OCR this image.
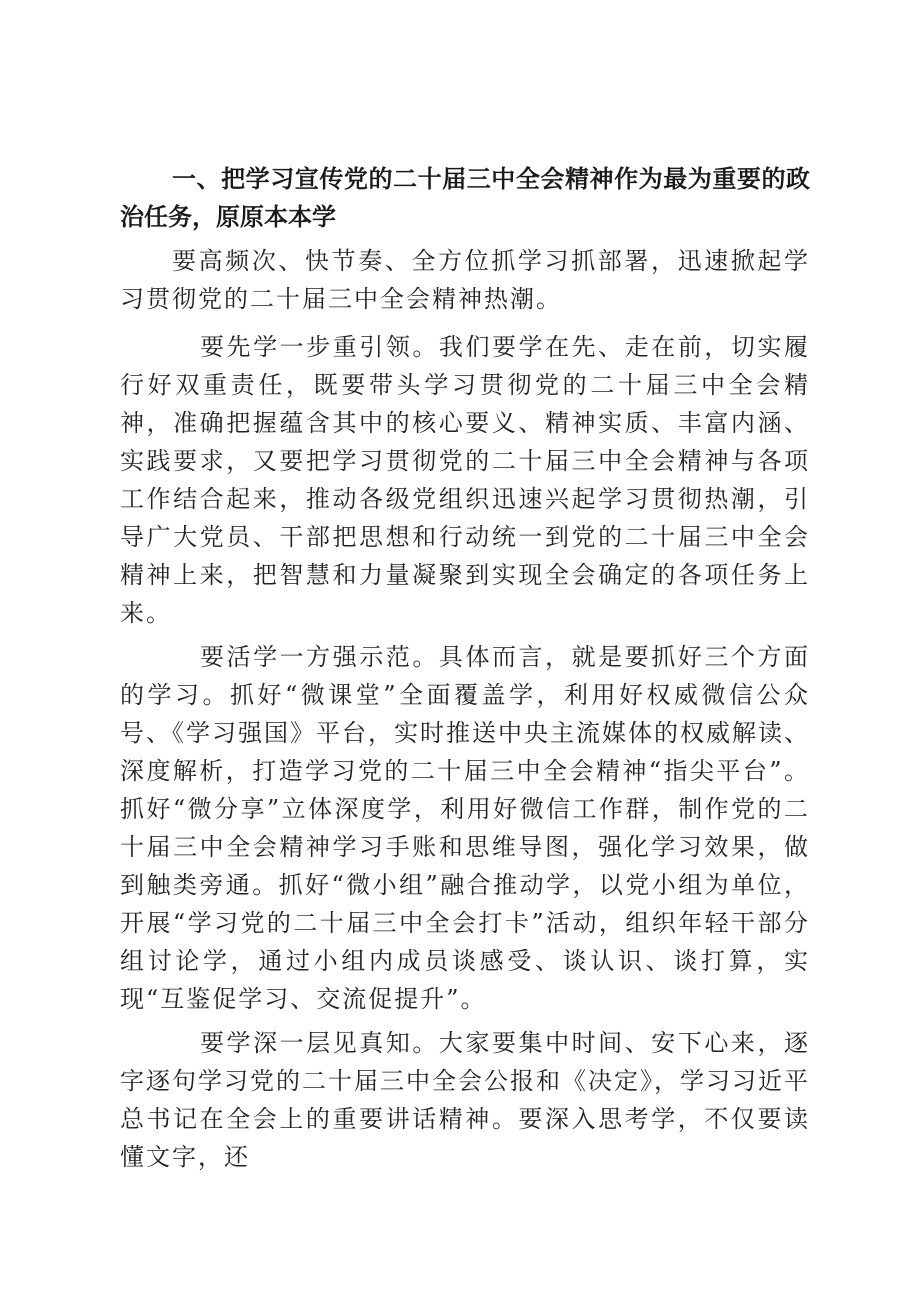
一、把学习宣传党的二十届三中全会精神作为最为重要的政治任务，原原本本学

要高频次、快节奏、全方位抓学习抓部署，迅速掀起学习贯彻党的二十届三中全会精神热潮。

要先学一步重引领。我们要学在先、走在前，切实履行好双重责任，既要带头学习贯彻党的二十届三中全会精神，准确把握蕴含其中的核心要义、精神实质、丰富内涵、实践要求，又要把学习贯彻党的二十届三中全会精神与各项工作结合起来，推动各级党组织迅速兴起学习贯彻热潮，引导广大党员、干部把思想和行动统一到党的二十届三中全会精神上来，把智慧和力量凝聚到实现全会确定的各项任务上来。

要活学一方强示范。具体而言，就是要抓好三个方面的学习。抓好“微课堂”全面覆盖学，利用好权威微信公众号、《学习强国》平台，实时推送中央主流媒体的权威解读、深度解析，打造学习党的二十届三中全会精神“指尖平台”。抓好“微分享”立体深度学，利用好微信工作群，制作党的二十届三中全会精神学习手账和思维导图，强化学习效果，做到触类旁通。抓好“微小组”融合推动学，以党小组为单位，开展“学习党的二十届三中全会打卡”活动，组织年轻干部分组讨论学，通过小组内成员谈感受、谈认识、谈打算，实现“互鉴促学习、交流促提升”。

要学深一层见真知。大家要集中时间、安下心来，逐字逐句学习党的二十届三中全会公报和《决定》，学习习近平总书记在全会上的重要讲话精神。要深入思考学，不仅要读懂文字，还
